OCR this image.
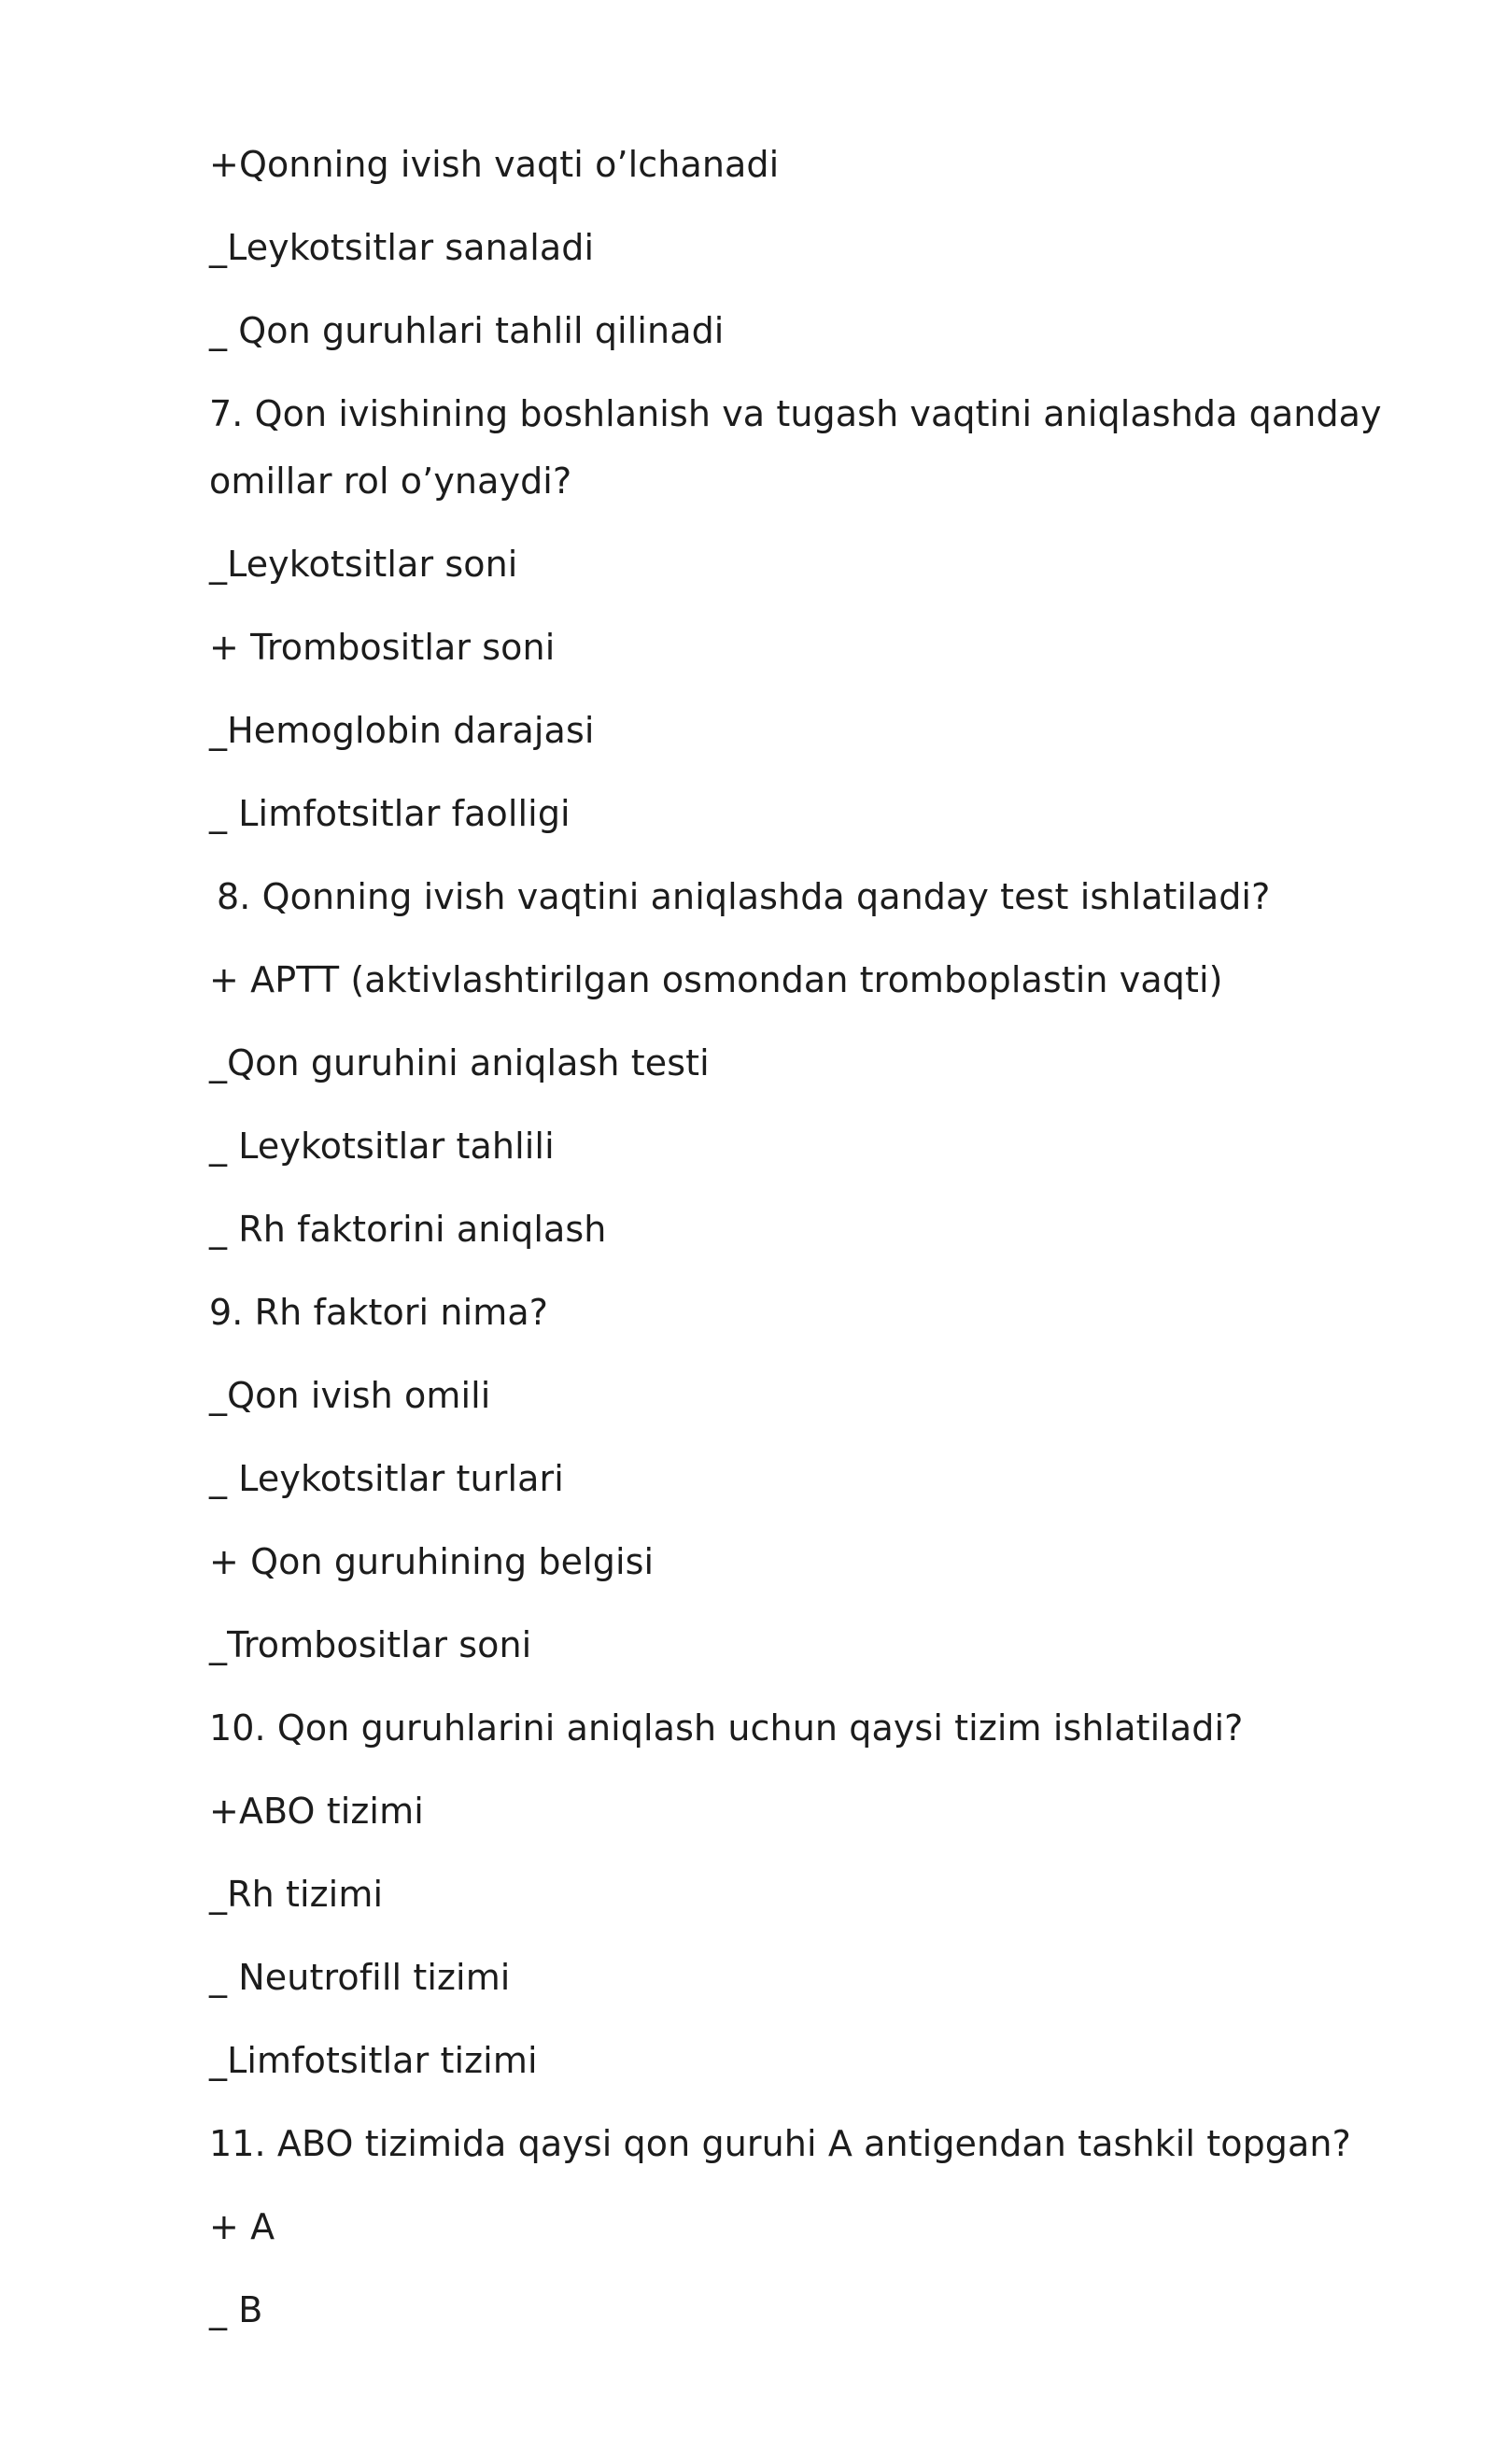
+Qonning ivish vaqti o’lchanadi
_Leykotsitlar sanaladi
_ Qon guruhlari tahlil qilinadi
7. Qon ivishining boshlanish va tugash vaqtini aniqlashda qanday
omillar rol o’ynaydi?
_Leykotsitlar soni
+ Trombositlar soni
_Hemoglobin darajasi
_ Limfotsitlar faolligi
8. Qonning ivish vaqtini aniqlashda qanday test ishlatiladi?
+ APTT (aktivlashtirilgan osmondan tromboplastin vaqti)
_Qon guruhini aniqlash testi
_ Leykotsitlar tahlili
_ Rh faktorini aniqlash
9. Rh faktori nima?
_Qon ivish omili
_ Leykotsitlar turlari
+ Qon guruhining belgisi
_Trombositlar soni
10. Qon guruhlarini aniqlash uchun qaysi tizim ishlatiladi?
+ABO tizimi
_Rh tizimi
_ Neutrofill tizimi
_Limfotsitlar tizimi
11. ABO tizimida qaysi qon guruhi A antigendan tashkil topgan?
+ A
_ B
